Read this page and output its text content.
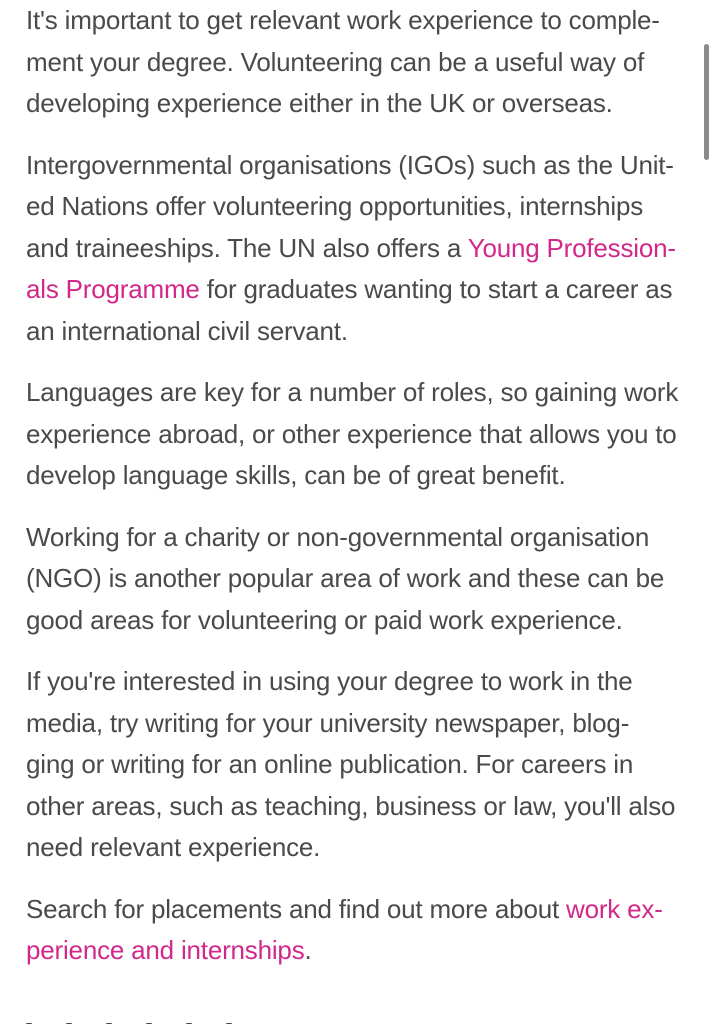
It's important to get relevant work experience to comple-
ment your degree. Volunteering can be a useful way of
developing experience either in the UK or overseas.

Intergovernmental organisations (IGOs) such as the Unit-
ed Nations offer volunteering opportunities, internships
and traineeships. The UN also offers a Young Profession-
als Programme for graduates wanting to start a career as
an international civil servant.

Languages are key for a number of roles, so gaining work
experience abroad, or other experience that allows you to
develop language skills, can be of great benefit.

Working for a charity or non-governmental organisation
(NGO) is another popular area of work and these can be
good areas for volunteering or paid work experience.

If you're interested in using your degree to work in the
media, try writing for your university newspaper, blog-
ging or writing for an online publication. For careers in
other areas, such as teaching, business or law, you'll also
need relevant experience.

Search for placements and find out more about work ex-
perience and internships.
